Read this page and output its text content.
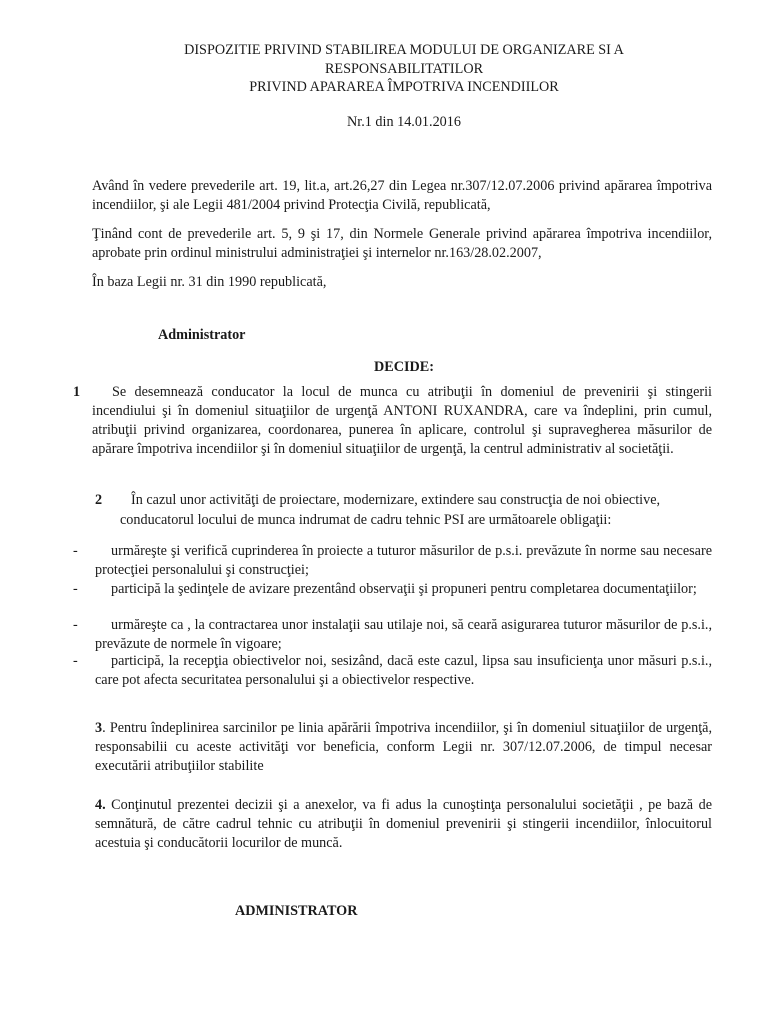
DISPOZITIE PRIVIND STABILIREA MODULUI DE ORGANIZARE SI A
RESPONSABILITATILOR
PRIVIND APARAREA ÎMPOTRIVA INCENDIILOR
Nr.1 din 14.01.2016
Având în vedere prevederile art. 19, lit.a, art.26,27 din Legea nr.307/12.07.2006 privind apărarea împotriva incendiilor, şi ale Legii 481/2004 privind Protecţia Civilă, republicată,
Ţinând cont de prevederile art. 5, 9 şi 17, din Normele Generale privind apărarea împotriva incendiilor, aprobate prin ordinul ministrului administraţiei şi internelor nr.163/28.02.2007,
În baza Legii nr. 31 din 1990 republicată,
Administrator
DECIDE:
1	Se desemnează conducator la locul de munca cu atribuţii în domeniul de prevenirii şi stingerii incendiului şi în domeniul situaţiilor de urgenţă ANTONI RUXANDRA, care va îndeplini, prin cumul, atribuţii privind organizarea, coordonarea, punerea în aplicare, controlul şi supravegherea măsurilor de apărare împotriva incendiilor şi în domeniul situaţiilor de urgenţă, la centrul administrativ al societăţii.
2 În cazul unor activităţi de proiectare, modernizare, extindere sau construcţia de noi obiective,
conducatorul locului de munca indrumat de cadru tehnic PSI are următoarele obligaţii:
-	urmăreşte şi verifică cuprinderea în proiecte a tuturor măsurilor de p.s.i. prevăzute în norme sau necesare protecţiei personalului şi construcţiei;
-	participă la şedinţele de avizare prezentând observaţii şi propuneri pentru completarea documentaţiilor;
-	urmăreşte ca , la contractarea unor instalaţii sau utilaje noi, să ceară asigurarea tuturor măsurilor de p.s.i., prevăzute de normele în vigoare;
-	participă, la recepţia obiectivelor noi, sesizând, dacă este cazul, lipsa sau insuficienţa unor măsuri p.s.i., care pot afecta securitatea personalului şi a obiectivelor respective.
3. Pentru îndeplinirea sarcinilor pe linia apărării împotriva incendiilor, şi în domeniul situaţiilor de urgenţă, responsabilii cu aceste activităţi vor beneficia, conform Legii nr. 307/12.07.2006, de timpul necesar executării atribuţiilor stabilite
4. Conţinutul prezentei decizii şi a anexelor, va fi adus la cunoştinţa personalului societăţii , pe bază de semnătură, de către cadrul tehnic cu atribuţii în domeniul prevenirii şi stingerii incendiilor, înlocuitorul acestuia şi conducătorii locurilor de muncă.
ADMINISTRATOR
